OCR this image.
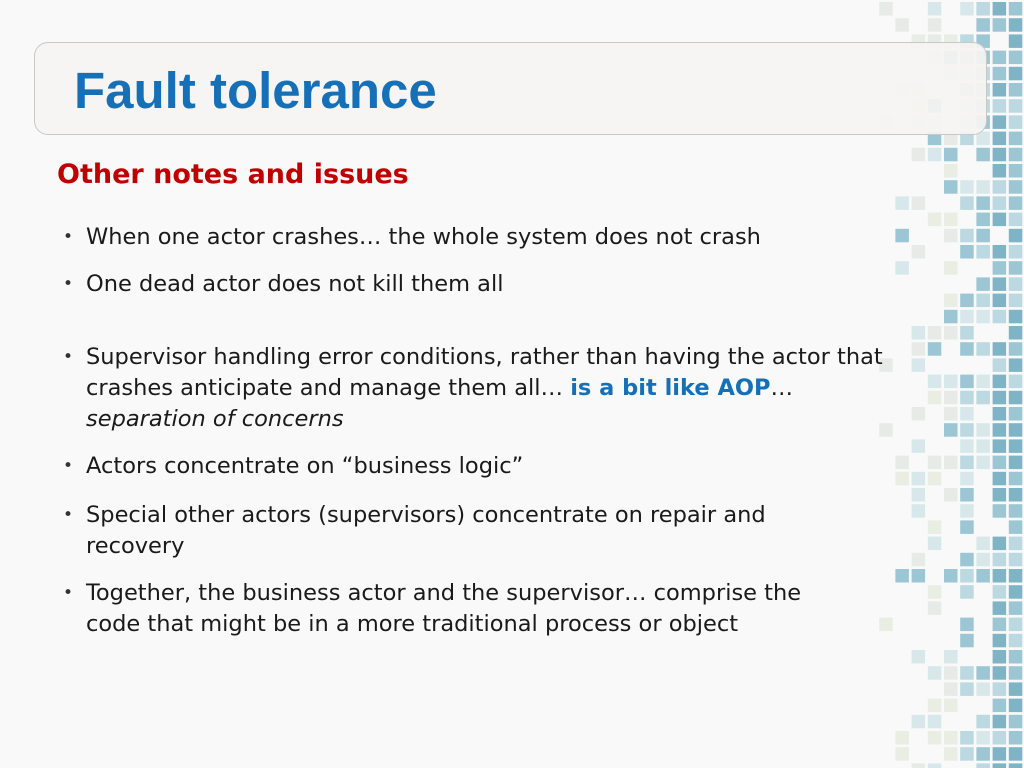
Fault tolerance
Other notes and issues
• When one actor crashes… the whole system does not crash
• One dead actor does not kill them all
• Supervisor handling error conditions, rather than having the actor that crashes anticipate and manage them all… is a bit like AOP…
separation of concerns
• Actors concentrate on “business logic”
• Special other actors (supervisors) concentrate on repair and recovery
• Together, the business actor and the supervisor… comprise the code that might be in a more traditional process or object
